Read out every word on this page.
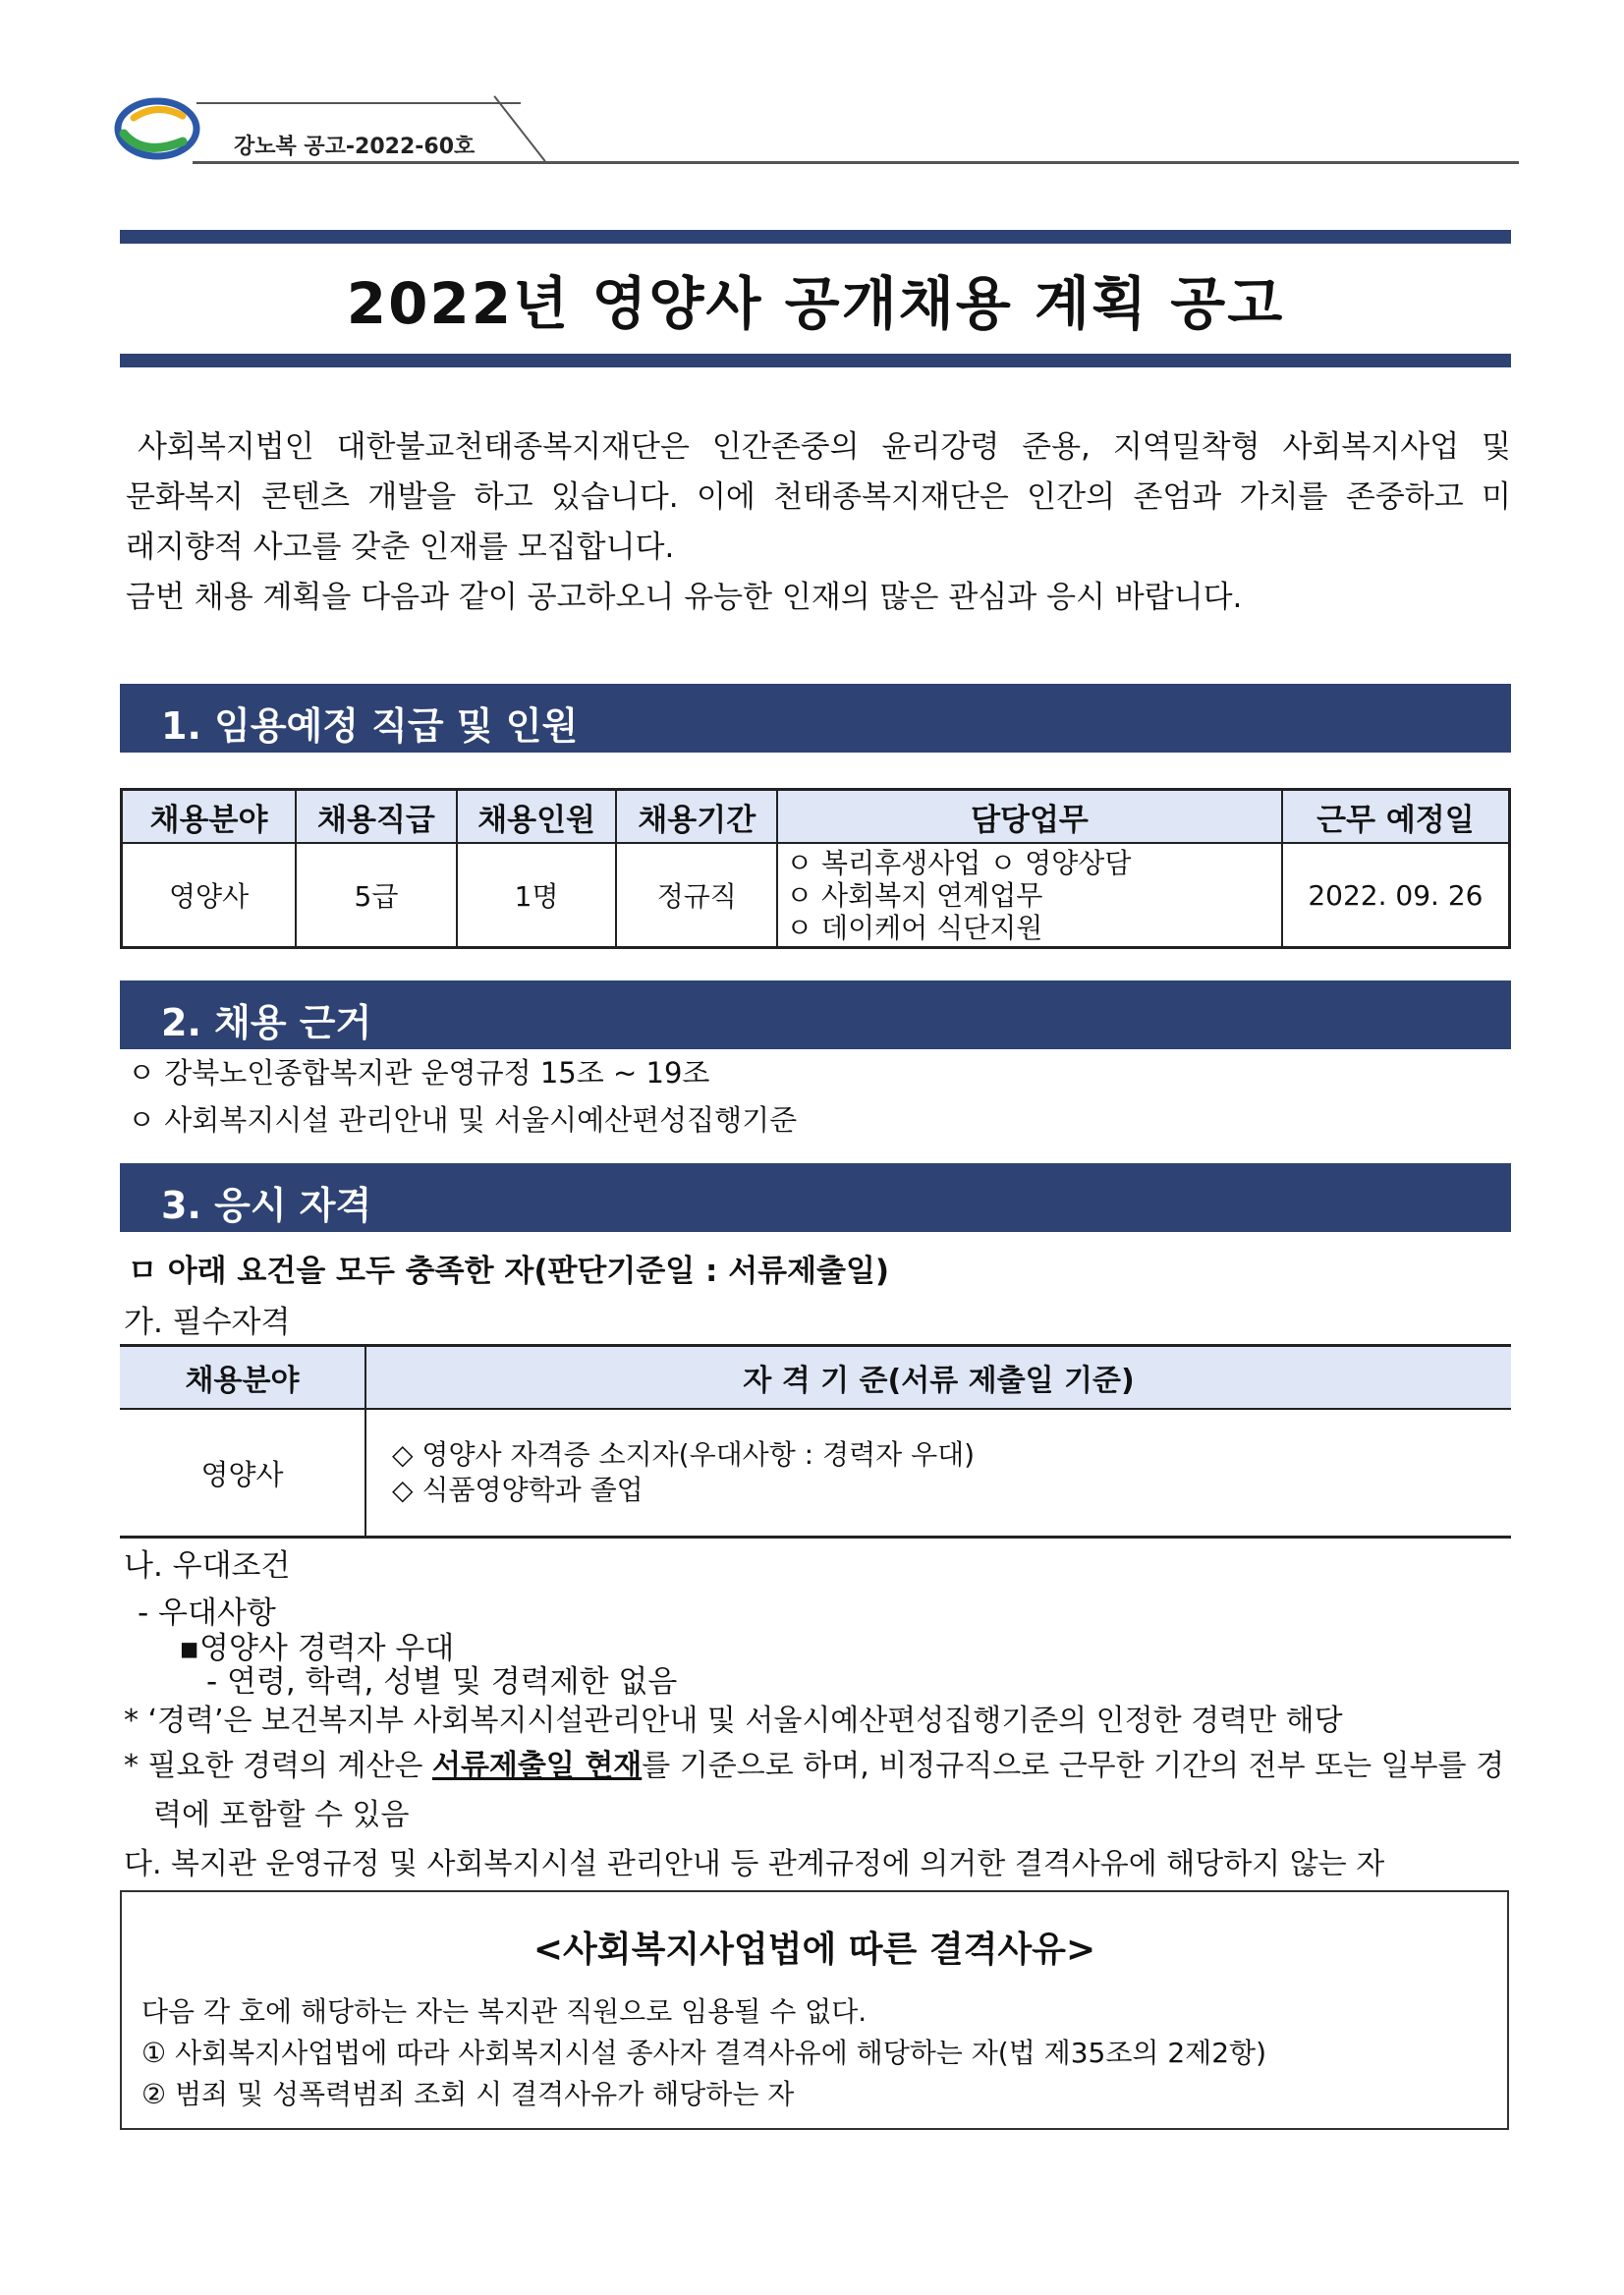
강노복 공고-2022-60호
2022년 영양사 공개채용 계획 공고
사회복지법인 대한불교천태종복지재단은 인간존중의 윤리강령 준용, 지역밀착형 사회복지사업 및
문화복지 콘텐츠 개발을 하고 있습니다. 이에 천태종복지재단은 인간의 존엄과 가치를 존중하고 미
래지향적 사고를 갖춘 인재를 모집합니다.
금번 채용 계획을 다음과 같이 공고하오니 유능한 인재의 많은 관심과 응시 바랍니다.
1. 임용예정 직급 및 인원
채용분야	채용직급	채용인원	채용기간	담당업무	근무 예정일
영양사	5급	1명	정규직	ㅇ 복리후생사업 ㅇ 영양상담
ㅇ 사회복지 연계업무
ㅇ 데이케어 식단지원	2022. 09. 26
2. 채용 근거
ㅇ 강북노인종합복지관 운영규정 15조 ~ 19조
ㅇ 사회복지시설 관리안내 및 서울시예산편성집행기준
3. 응시 자격
ㅁ 아래 요건을 모두 충족한 자(판단기준일 : 서류제출일)
가. 필수자격
채용분야	자 격 기 준(서류 제출일 기준)
영양사	◇ 영양사 자격증 소지자(우대사항 : 경력자 우대)
◇ 식품영양학과 졸업
나. 우대조건
- 우대사항
▪영양사 경력자 우대
- 연령, 학력, 성별 및 경력제한 없음
* ‘경력’은 보건복지부 사회복지시설관리안내 및 서울시예산편성집행기준의 인정한 경력만 해당
* 필요한 경력의 계산은 서류제출일 현재를 기준으로 하며, 비정규직으로 근무한 기간의 전부 또는 일부를 경
력에 포함할 수 있음
다. 복지관 운영규정 및 사회복지시설 관리안내 등 관계규정에 의거한 결격사유에 해당하지 않는 자
<사회복지사업법에 따른 결격사유>
다음 각 호에 해당하는 자는 복지관 직원으로 임용될 수 없다.
① 사회복지사업법에 따라 사회복지시설 종사자 결격사유에 해당하는 자(법 제35조의 2제2항)
② 범죄 및 성폭력범죄 조회 시 결격사유가 해당하는 자
